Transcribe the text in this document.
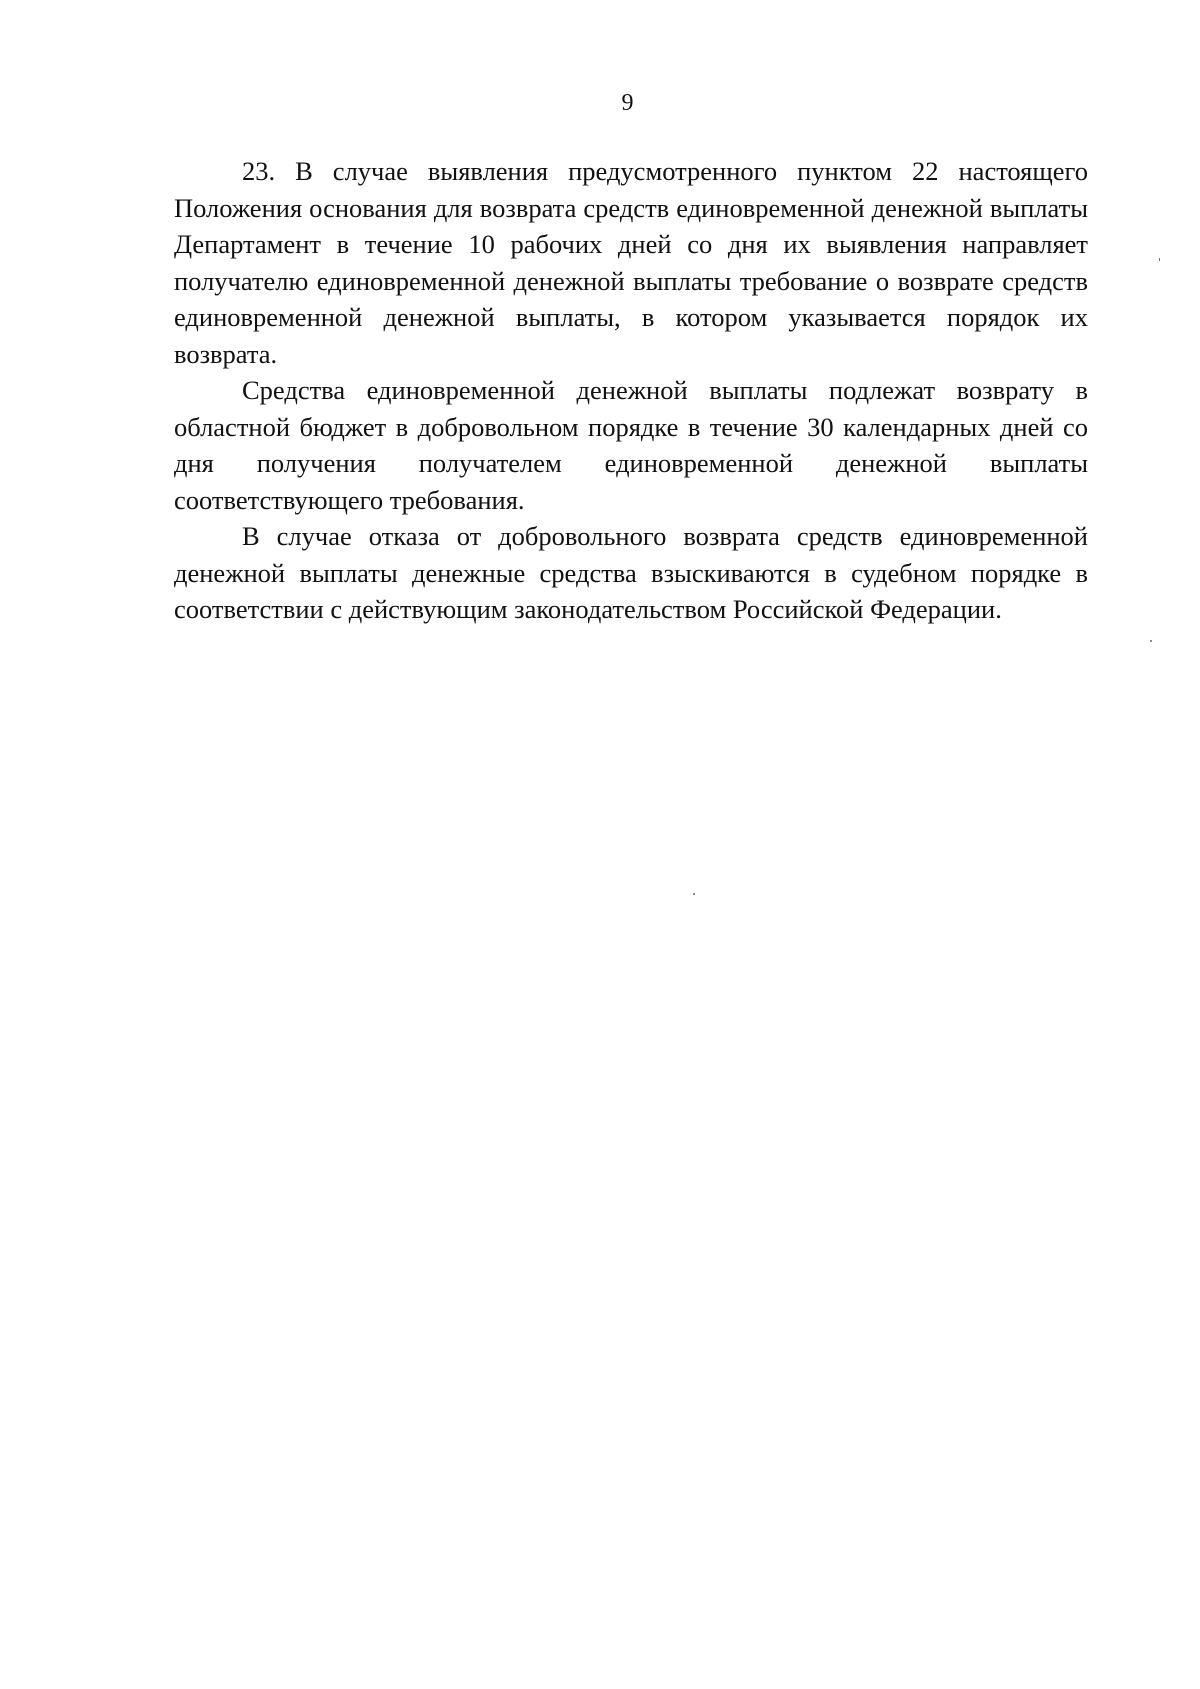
9

23. В случае выявления предусмотренного пунктом 22 настоящего Положения основания для возврата средств единовременной денежной выплаты Департамент в течение 10 рабочих дней со дня их выявления направляет получателю единовременной денежной выплаты требование о возврате средств единовременной денежной выплаты, в котором указывается порядок их возврата.

Средства единовременной денежной выплаты подлежат возврату в областной бюджет в добровольном порядке в течение 30 календарных дней со дня получения получателем единовременной денежной выплаты соответствующего требования.

В случае отказа от добровольного возврата средств единовременной денежной выплаты денежные средства взыскиваются в судебном порядке в соответствии с действующим законодательством Российской Федерации.
